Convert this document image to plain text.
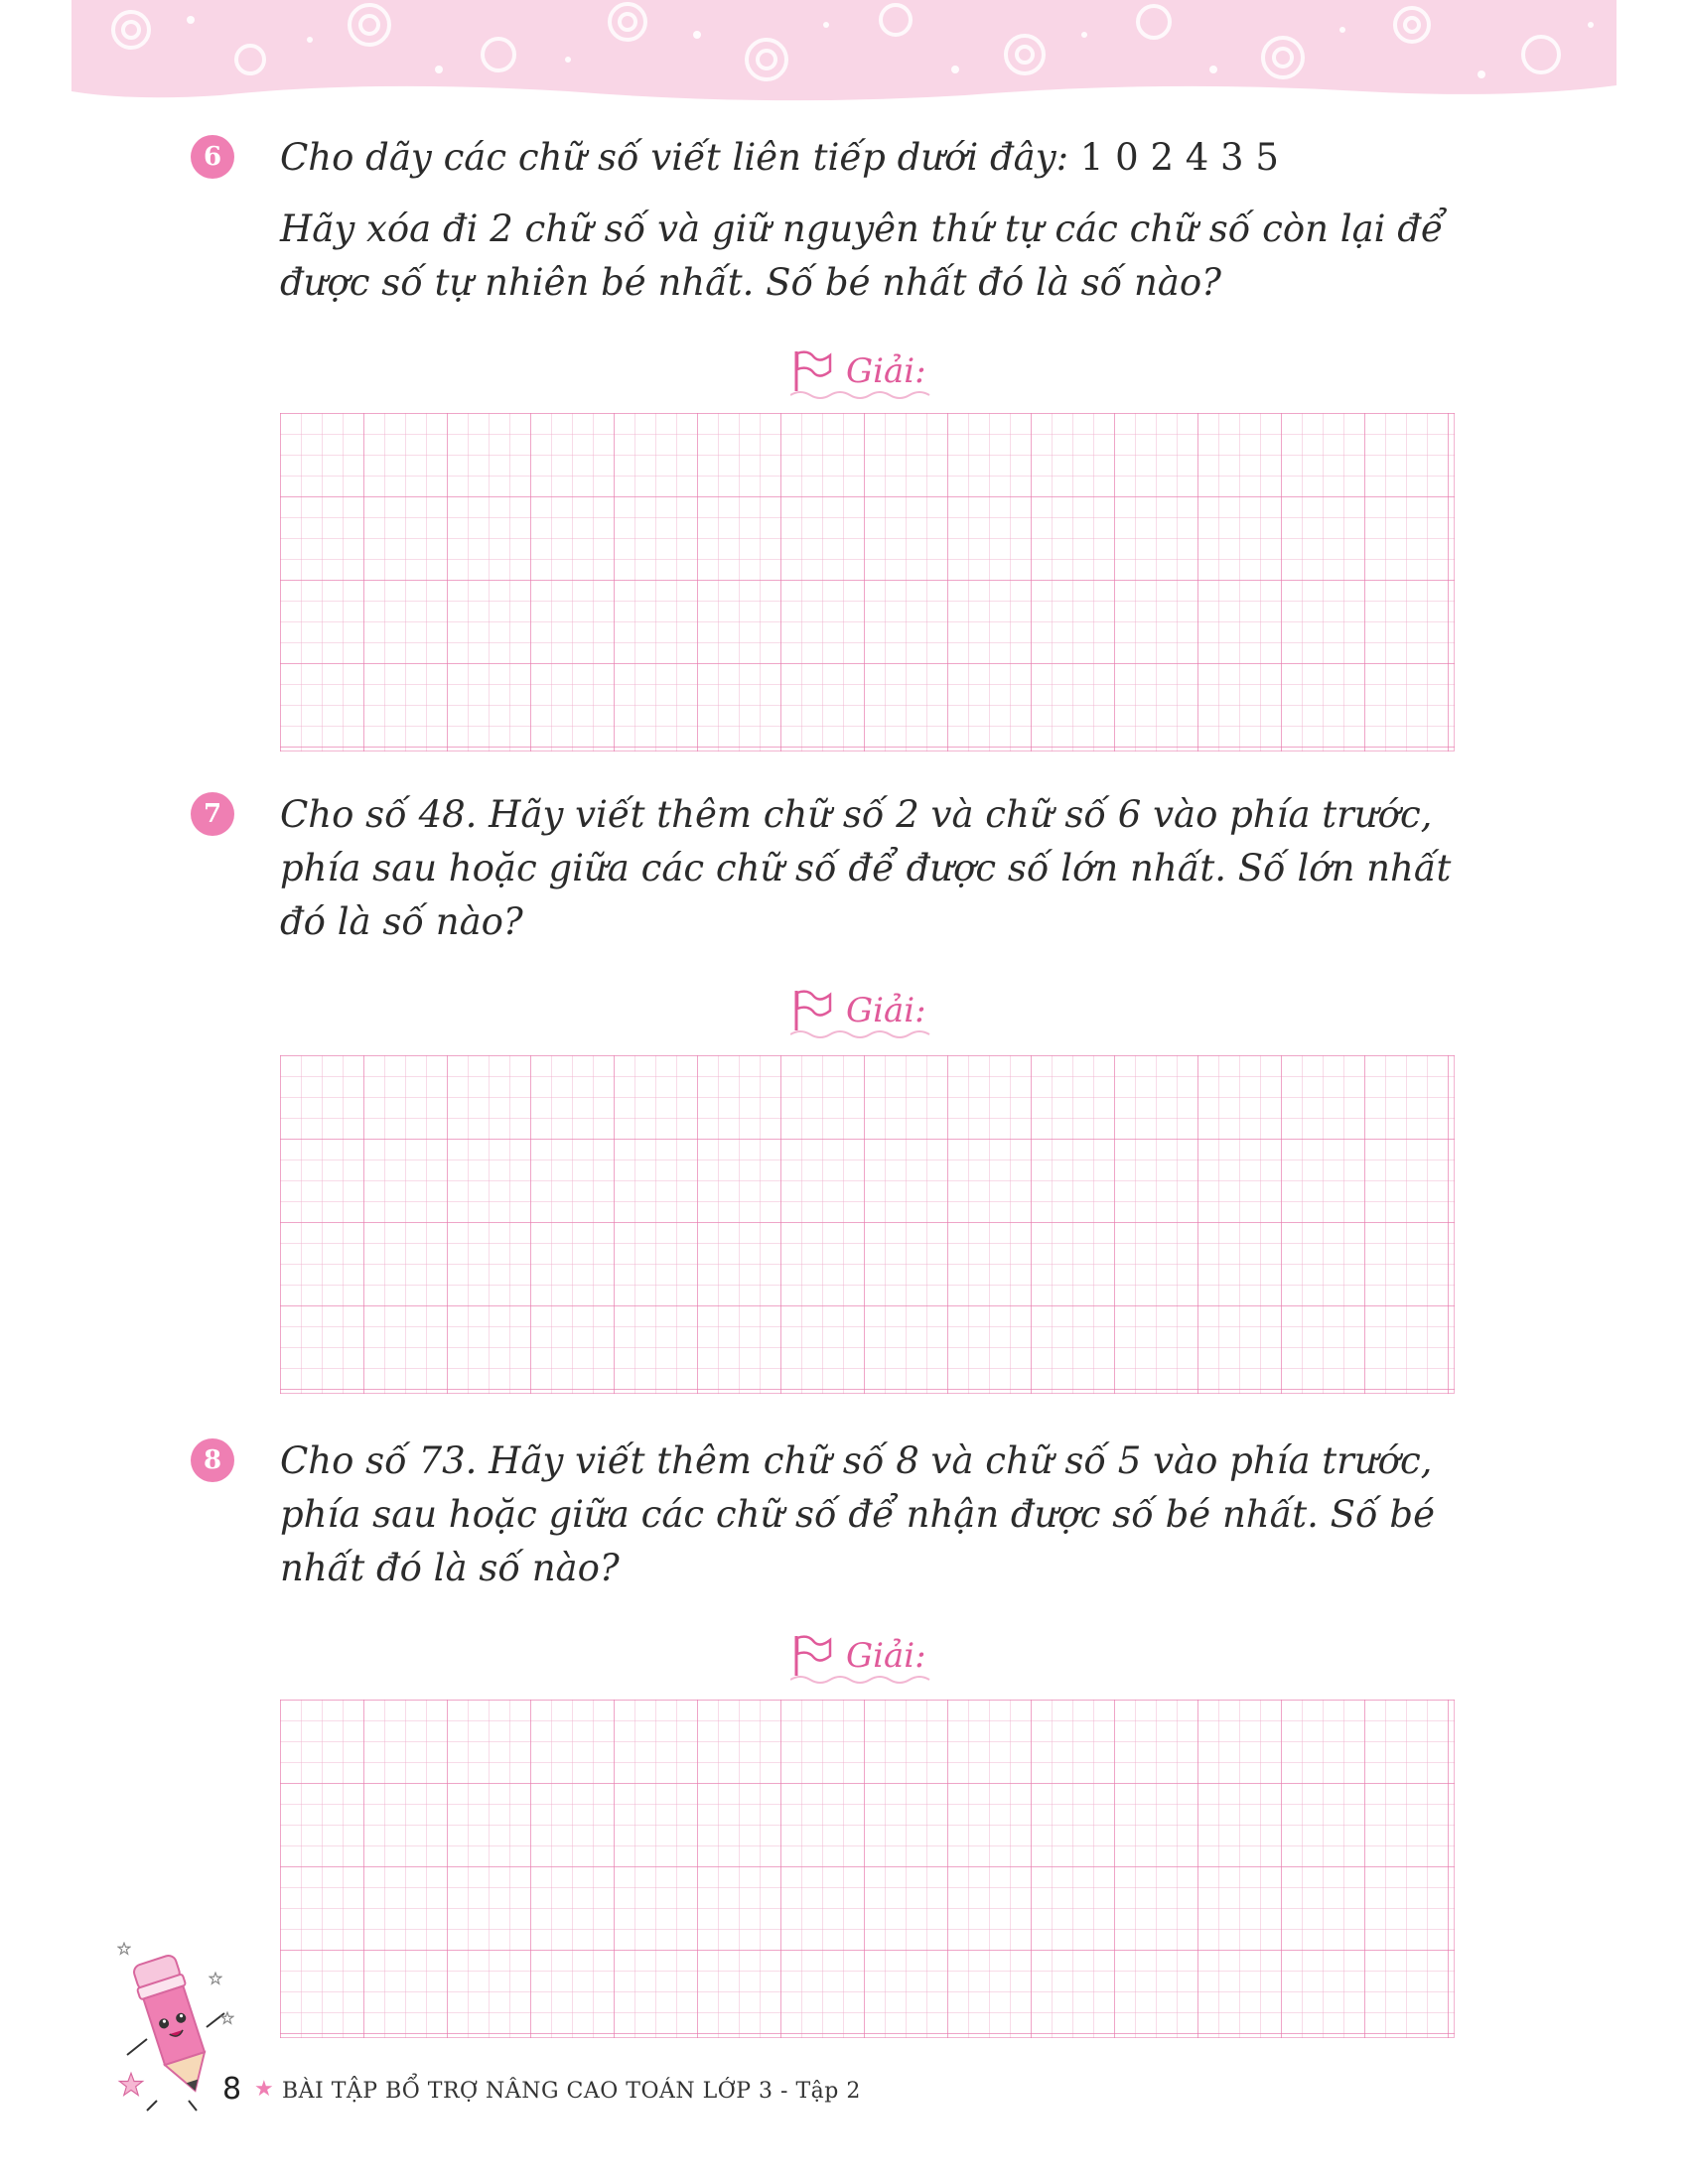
6	Cho dãy các chữ số viết liên tiếp dưới đây: 1 0 2 4 3 5

Hãy xóa đi 2 chữ số và giữ nguyên thứ tự các chữ số còn lại để được số tự nhiên bé nhất. Số bé nhất đó là số nào?

Giải:
7	Cho số 48. Hãy viết thêm chữ số 2 và chữ số 6 vào phía trước, phía sau hoặc giữa các chữ số để được số lớn nhất. Số lớn nhất đó là số nào?
Giải:
8	Cho số 73. Hãy viết thêm chữ số 8 và chữ số 5 vào phía trước, phía sau hoặc giữa các chữ số để nhận được số bé nhất. Số bé nhất đó là số nào?
Giải:
8 ★ BÀI TẬP BỔ TRỢ NÂNG CAO TOÁN LỚP 3 - Tập 2
